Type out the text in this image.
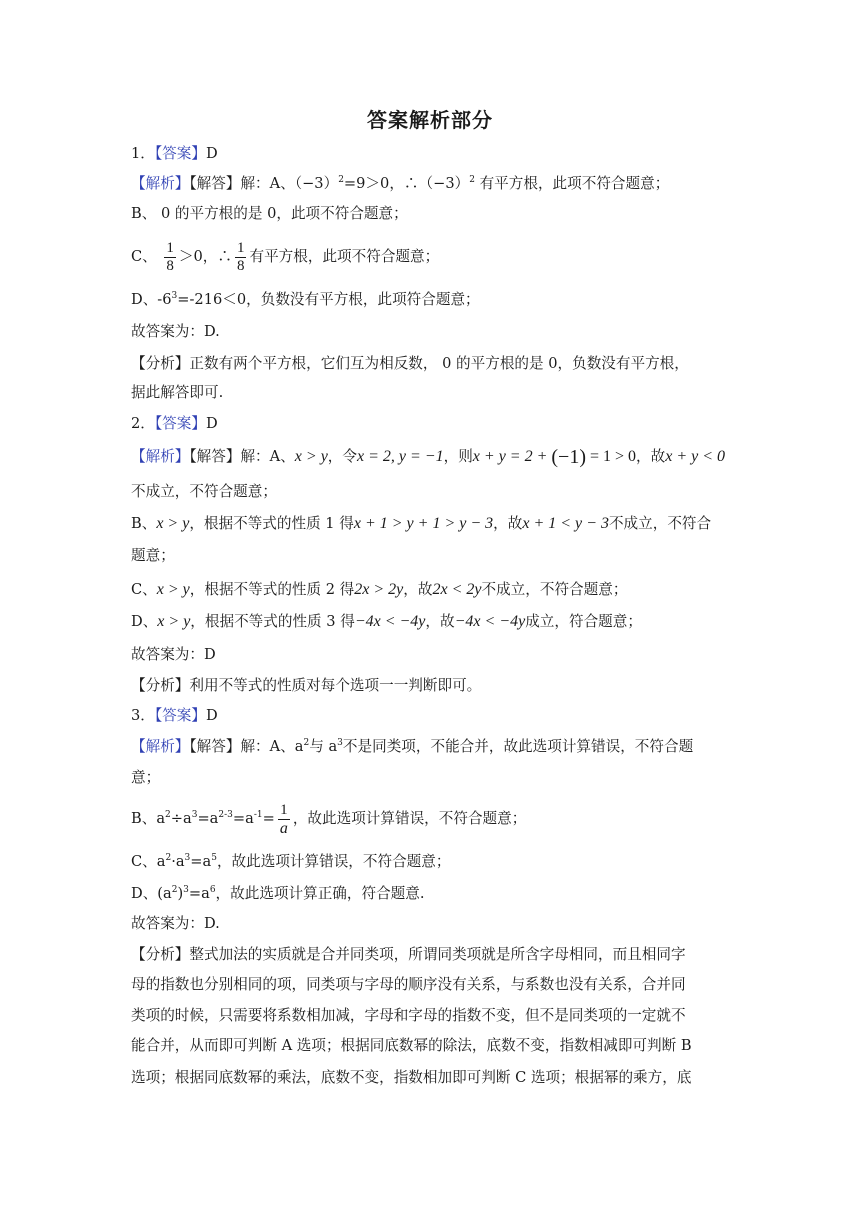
答案解析部分
1．【答案】D
【解析】【解答】解：A、$(-3)^2=9>0$，$\therefore(-3)^2$ 有平方根，此项不符合题意；
B、 0 的平方根的是 0，此项不符合题意；
C、 $\frac{1}{8} >0$，∴ $\frac{1}{8}$ 有平方根，此项不符合题意；
D、$-6^3=-216<0$，负数没有平方根，此项符合题意；
故答案为：D.
【分析】正数有两个平方根，它们互为相反数， 0 的平方根的是 0，负数没有平方根，
据此解答即可.
2．【答案】D
【解析】【解答】解：A、x > y，令x = 2, y = −1，则x + y = 2 + (−1) = 1 > 0，故x + y < 0
不成立，不符合题意；
B、x > y，根据不等式的性质 1 得x + 1 > y + 1 > y − 3，故x + 1 < y − 3不成立，不符合
题意；
C、x > y，根据不等式的性质 2 得2x > 2y，故2x < 2y不成立，不符合题意；
D、x > y，根据不等式的性质 3 得−4x < −4y，故−4x < −4y成立，符合题意；
故答案为：D
【分析】利用不等式的性质对每个选项一一判断即可。
3．【答案】D
【解析】【解答】解：A、$a^2$与 $a^3$不是同类项，不能合并，故此选项计算错误，不符合题
意；
B、$a^2\div a^3=a^{2-3}=a^{-1}= \frac{1}{a}$ ，故此选项计算错误，不符合题意；
C、$a^2\cdot a^3=a^5$，故此选项计算错误，不符合题意；
D、$(a^2)^3=a^6$，故此选项计算正确，符合题意.
故答案为：D.
【分析】整式加法的实质就是合并同类项，所谓同类项就是所含字母相同，而且相同字
母的指数也分别相同的项，同类项与字母的顺序没有关系，与系数也没有关系，合并同
类项的时候，只需要将系数相加减，字母和字母的指数不变，但不是同类项的一定就不
能合并，从而即可判断 A 选项；根据同底数幂的除法，底数不变，指数相减即可判断 B
选项；根据同底数幂的乘法，底数不变，指数相加即可判断 C 选项；根据幂的乘方，底
